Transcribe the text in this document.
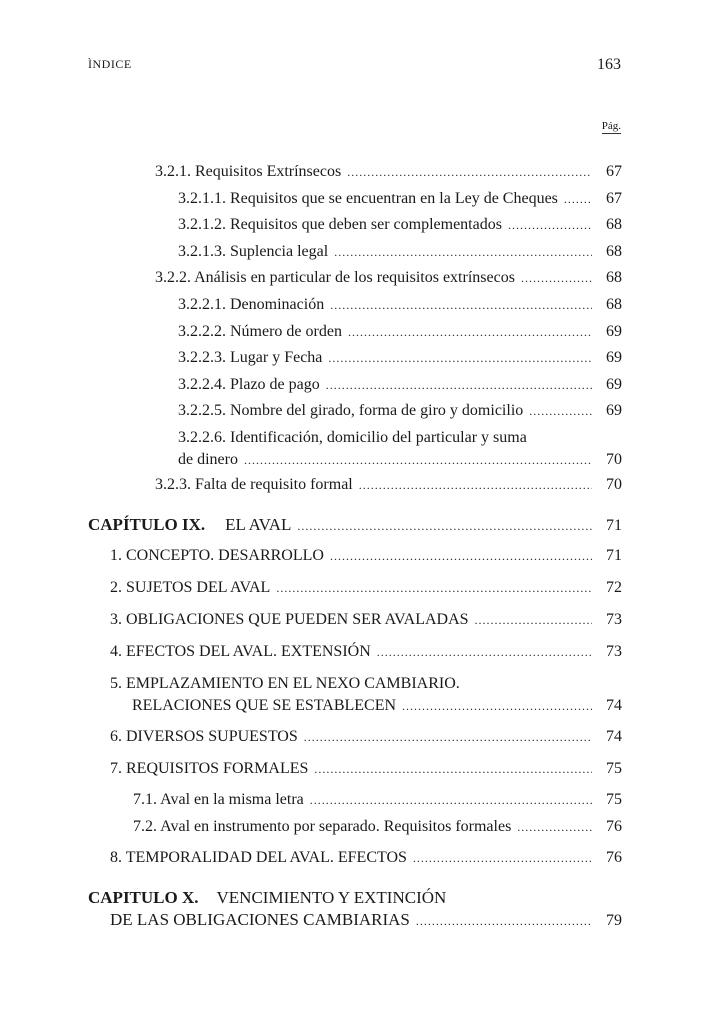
ÌNDICE	163
Pág.
3.2.1. Requisitos Extrínsecos .....	67
3.2.1.1. Requisitos que se encuentran en la Ley de Cheques .....	67
3.2.1.2. Requisitos que deben ser complementados .....	68
3.2.1.3. Suplencia legal .....	68
3.2.2. Análisis en particular de los requisitos extrínsecos .....	68
3.2.2.1. Denominación .....	68
3.2.2.2. Número de orden .....	69
3.2.2.3. Lugar y Fecha .....	69
3.2.2.4. Plazo de pago .....	69
3.2.2.5. Nombre del girado, forma de giro y domicilio .....	69
3.2.2.6. Identificación, domicilio del particular y suma
de dinero .....	70
3.2.3. Falta de requisito formal .....	70
CAPÍTULO IX. EL AVAL .....	71
1. CONCEPTO. DESARROLLO .....	71
2. SUJETOS DEL AVAL .....	72
3. OBLIGACIONES QUE PUEDEN SER AVALADAS .....	73
4. EFECTOS DEL AVAL. EXTENSIÓN .....	73
5. EMPLAZAMIENTO EN EL NEXO CAMBIARIO.
RELACIONES QUE SE ESTABLECEN .....	74
6. DIVERSOS SUPUESTOS .....	74
7. REQUISITOS FORMALES .....	75
7.1. Aval en la misma letra .....	75
7.2. Aval en instrumento por separado. Requisitos formales .....	76
8. TEMPORALIDAD DEL AVAL. EFECTOS .....	76
CAPITULO X. VENCIMIENTO Y EXTINCIÓN
DE LAS OBLIGACIONES CAMBIARIAS .....	79
